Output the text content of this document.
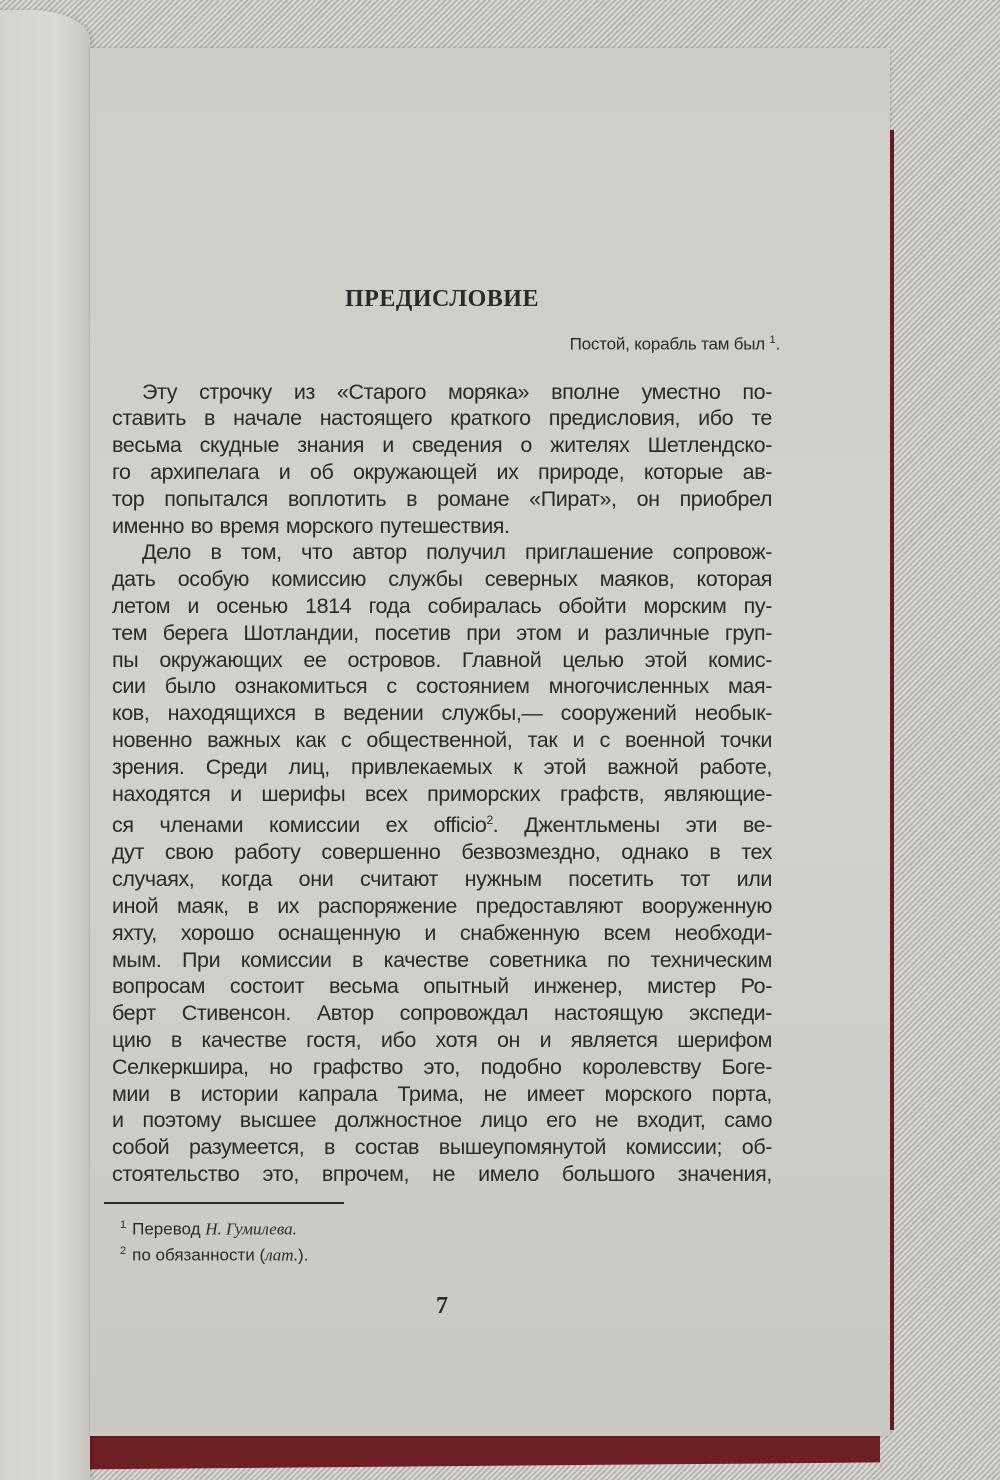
ПРЕДИСЛОВИЕ
Постой, корабль там был $^1$.

Эту строчку из «Старого моряка» вполне уместно по-
ставить в начале настоящего краткого предисловия, ибо те
весьма скудные знания и сведения о жителях Шетлендско-
го архипелага и об окружающей их природе, которые ав-
тор попытался воплотить в романе «Пират», он приобрел
именно во время морского путешествия.

Дело в том, что автор получил приглашение сопровож-
дать особую комиссию службы северных маяков, которая
летом и осенью 1814 года собиралась обойти морским пу-
тем берега Шотландии, посетив при этом и различные груп-
пы окружающих ее островов. Главной целью этой комис-
сии было ознакомиться с состоянием многочисленных мая-
ков, находящихся в ведении службы,— сооружений необык-
новенно важных как с общественной, так и с военной точки
зрения. Среди лиц, привлекаемых к этой важной работе,
находятся и шерифы всех приморских графств, являющие-
ся членами комиссии ex officio$^2$. Джентльмены эти ве-
дут свою работу совершенно безвозмездно, однако в тех
случаях, когда они считают нужным посетить тот или
иной маяк, в их распоряжение предоставляют вооруженную
яхту, хорошо оснащенную и снабженную всем необходи-
мым. При комиссии в качестве советника по техническим
вопросам состоит весьма опытный инженер, мистер Ро-
берт Стивенсон. Автор сопровождал настоящую экспеди-
цию в качестве гостя, ибо хотя он и является шерифом
Селкеркшира, но графство это, подобно королевству Боге-
мии в истории капрала Трима, не имеет морского порта,
и поэтому высшее должностное лицо его не входит, само
собой разумеется, в состав вышеупомянутой комиссии; об-
стоятельство это, впрочем, не имело большого значения,

$^1$ Перевод Н. Гумилева.
$^2$ по обязанности (лат.).
7
